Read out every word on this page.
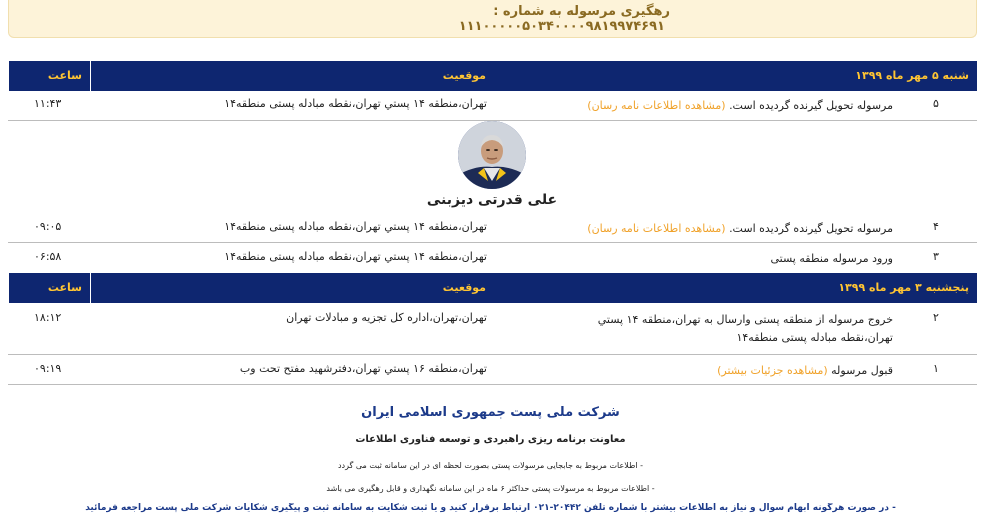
رهگیری مرسوله به شماره :
۱۱۱۰۰۰۰۰۵۰۳۴۰۰۰۰۹۸۱۹۹۷۴۶۹۱
شنبه ۵ مهر ماه ۱۳۹۹
موقعیت
ساعت
۵
مرسوله تحویل گیرنده گردیده است. (مشاهده اطلاعات نامه رسان)
تهران،منطقه ۱۴ پستي تهران،نقطه مبادله پستی منطقه۱۴
۱۱:۴۳
علی قدرتی دیزبنی
۴
مرسوله تحویل گیرنده گردیده است. (مشاهده اطلاعات نامه رسان)
تهران،منطقه ۱۴ پستي تهران،نقطه مبادله پستی منطقه۱۴
۰۹:۰۵
۳
ورود مرسوله منطقه پستی
تهران،منطقه ۱۴ پستي تهران،نقطه مبادله پستی منطقه۱۴
۰۶:۵۸
پنجشنبه ۳ مهر ماه ۱۳۹۹
موقعیت
ساعت
۲
خروج مرسوله از منطقه پستی وارسال به تهران،منطقه ۱۴ پستي تهران،نقطه مبادله پستی منطقه۱۴
تهران،تهران،اداره کل تجزیه و مبادلات تهران
۱۸:۱۲
۱
قبول مرسوله (مشاهده جزئیات بیشتر)
تهران،منطقه ۱۶ پستي تهران،دفترشهید مفتح تحت وب
۰۹:۱۹
شرکت ملی پست جمهوری اسلامی ایران
معاونت برنامه ریزی راهبردی و توسعه فناوری اطلاعات
- اطلاعات مربوط به جابجایی مرسولات پستی بصورت لحظه ای در این سامانه ثبت می گردد
- اطلاعات مربوط به مرسولات پستی حداکثر ۶ ماه در این سامانه نگهداری و قابل رهگیری می باشد
- در صورت هرگونه ابهام سوال و نیاز به اطلاعات بیشتر با شماره تلفن ۲۰۴۴۲-۰۲۱ ارتباط برقرار کنید و یا ثبت شکایت به سامانه ثبت و پیگیری شکایات شرکت ملی پست مراجعه فرمائید
